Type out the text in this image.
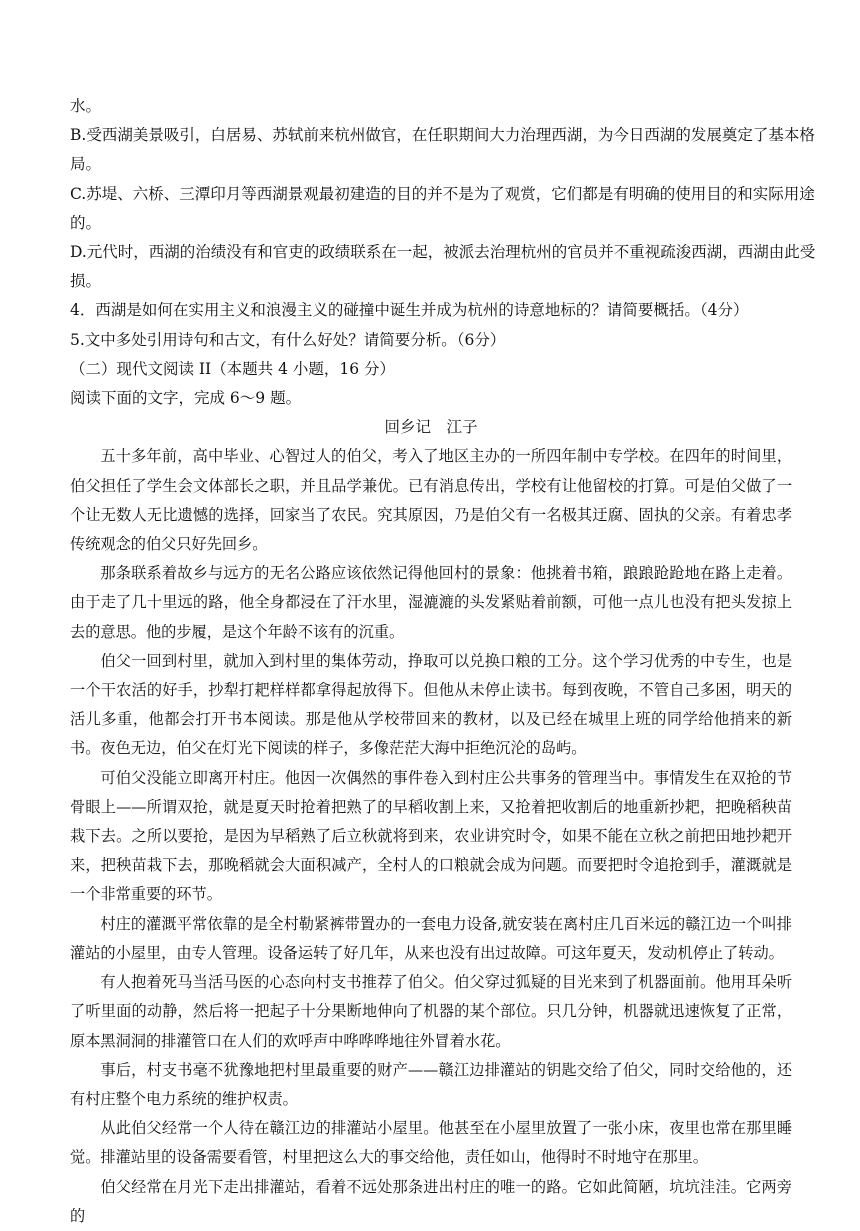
水。

B.受西湖美景吸引，白居易、苏轼前来杭州做官，在任职期间大力治理西湖，为今日西湖的发展奠定了基本格

局。

C.苏堤、六桥、三潭印月等西湖景观最初建造的目的并不是为了观赏，它们都是有明确的使用目的和实际用途

的。

D.元代时，西湖的治绩没有和官吏的政绩联系在一起，被派去治理杭州的官员并不重视疏浚西湖，西湖由此受

损。

4．西湖是如何在实用主义和浪漫主义的碰撞中诞生并成为杭州的诗意地标的？请简要概括。（4分）

5.文中多处引用诗句和古文，有什么好处？请简要分析。（6分）

（二）现代文阅读 II（本题共 4 小题，16 分）

阅读下面的文字，完成 6～9 题。

回乡记　江子

五十多年前，高中毕业、心智过人的伯父，考入了地区主办的一所四年制中专学校。在四年的时间里，伯父担任了学生会文体部长之职，并且品学兼优。已有消息传出，学校有让他留校的打算。可是伯父做了一个让无数人无比遗憾的选择，回家当了农民。究其原因，乃是伯父有一名极其迂腐、固执的父亲。有着忠孝传统观念的伯父只好先回乡。

那条联系着故乡与远方的无名公路应该依然记得他回村的景象：他挑着书箱，踉踉跄跄地在路上走着。由于走了几十里远的路，他全身都浸在了汗水里，湿漉漉的头发紧贴着前额，可他一点儿也没有把头发掠上去的意思。他的步履，是这个年龄不该有的沉重。

伯父一回到村里，就加入到村里的集体劳动，挣取可以兑换口粮的工分。这个学习优秀的中专生，也是一个干农活的好手，抄犁打耙样样都拿得起放得下。但他从未停止读书。每到夜晚，不管自己多困，明天的活儿多重，他都会打开书本阅读。那是他从学校带回来的教材，以及已经在城里上班的同学给他捎来的新书。夜色无边，伯父在灯光下阅读的样子，多像茫茫大海中拒绝沉沦的岛屿。

可伯父没能立即离开村庄。他因一次偶然的事件卷入到村庄公共事务的管理当中。事情发生在双抢的节骨眼上——所谓双抢，就是夏天时抢着把熟了的早稻收割上来，又抢着把收割后的地重新抄耙，把晚稻秧苗栽下去。之所以要抢，是因为早稻熟了后立秋就将到来，农业讲究时令，如果不能在立秋之前把田地抄耙开来，把秧苗栽下去，那晚稻就会大面积减产，全村人的口粮就会成为问题。而要把时令追抢到手，灌溉就是一个非常重要的环节。

村庄的灌溉平常依靠的是全村勒紧裤带置办的一套电力设备,就安装在离村庄几百米远的赣江边一个叫排灌站的小屋里，由专人管理。设备运转了好几年，从来也没有出过故障。可这年夏天，发动机停止了转动。

有人抱着死马当活马医的心态向村支书推荐了伯父。伯父穿过狐疑的目光来到了机器面前。他用耳朵听了听里面的动静，然后将一把起子十分果断地伸向了机器的某个部位。只几分钟，机器就迅速恢复了正常，原本黑洞洞的排灌管口在人们的欢呼声中哗哗哗地往外冒着水花。

事后，村支书毫不犹豫地把村里最重要的财产——赣江边排灌站的钥匙交给了伯父，同时交给他的，还有村庄整个电力系统的维护权责。

从此伯父经常一个人待在赣江边的排灌站小屋里。他甚至在小屋里放置了一张小床，夜里也常在那里睡觉。排灌站里的设备需要看管，村里把这么大的事交给他，责任如山，他得时不时地守在那里。

伯父经常在月光下走出排灌站，看着不远处那条进出村庄的唯一的路。它如此简陋，坑坑洼洼。它两旁的
